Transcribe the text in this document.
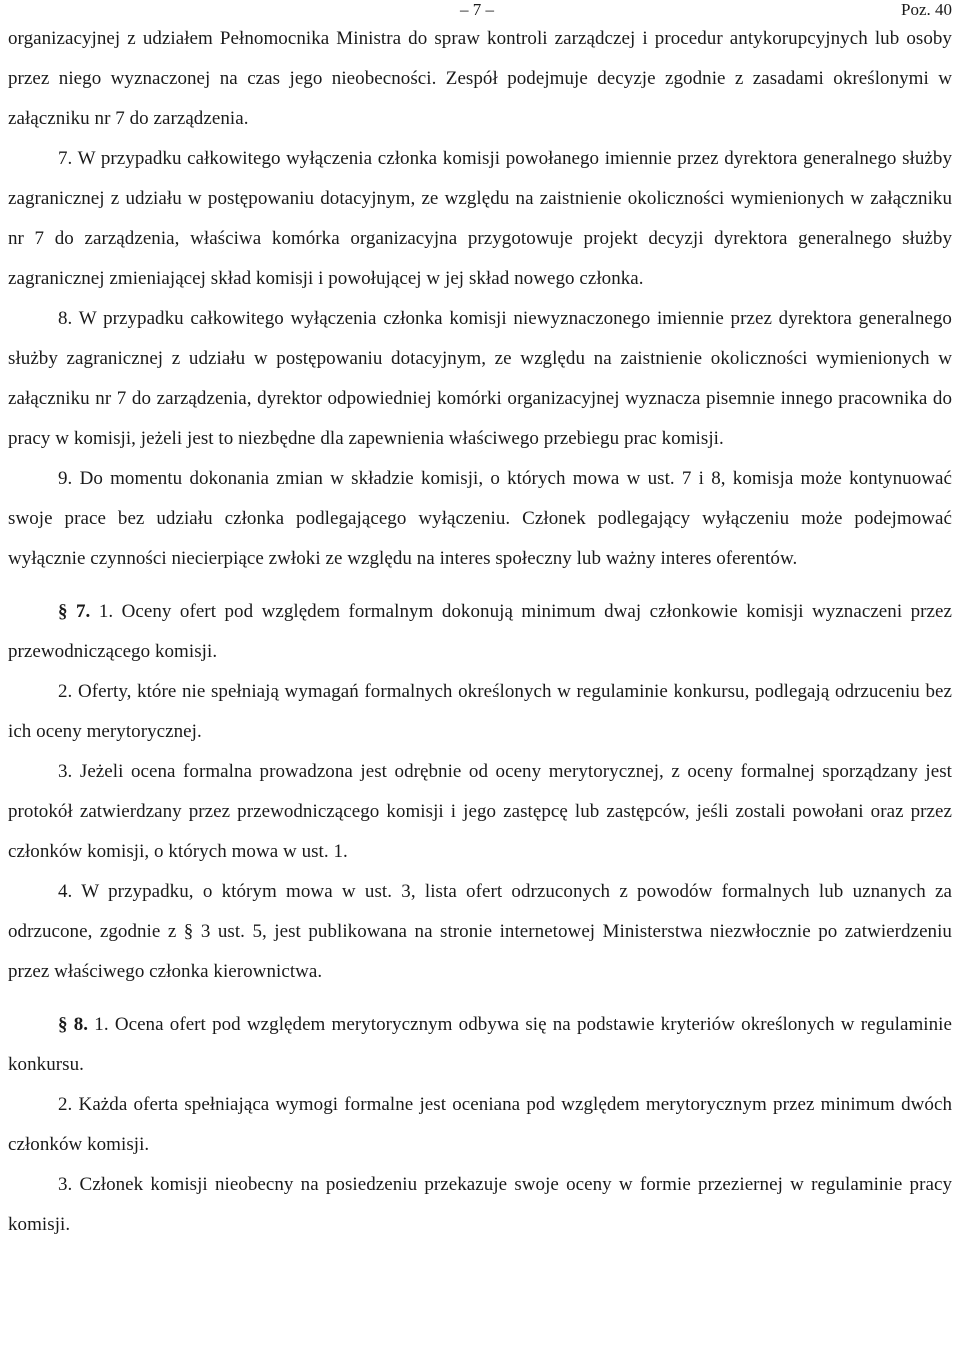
– 7 –	Poz. 40

organizacyjnej z udziałem Pełnomocnika Ministra do spraw kontroli zarządczej i procedur antykorupcyjnych lub osoby przez niego wyznaczonej na czas jego nieobecności. Zespół podejmuje decyzje zgodnie z zasadami określonymi w załączniku nr 7 do zarządzenia.

7. W przypadku całkowitego wyłączenia członka komisji powołanego imiennie przez dyrektora generalnego służby zagranicznej z udziału w postępowaniu dotacyjnym, ze względu na zaistnienie okoliczności wymienionych w załączniku nr 7 do zarządzenia, właściwa komórka organizacyjna przygotowuje projekt decyzji dyrektora generalnego służby zagranicznej zmieniającej skład komisji i powołującej w jej skład nowego członka.

8. W przypadku całkowitego wyłączenia członka komisji niewyznaczonego imiennie przez dyrektora generalnego służby zagranicznej z udziału w postępowaniu dotacyjnym, ze względu na zaistnienie okoliczności wymienionych w załączniku nr 7 do zarządzenia, dyrektor odpowiedniej komórki organizacyjnej wyznacza pisemnie innego pracownika do pracy w komisji, jeżeli jest to niezbędne dla zapewnienia właściwego przebiegu prac komisji.

9. Do momentu dokonania zmian w składzie komisji, o których mowa w ust. 7 i 8, komisja może kontynuować swoje prace bez udziału członka podlegającego wyłączeniu. Członek podlegający wyłączeniu może podejmować wyłącznie czynności niecierpiące zwłoki ze względu na interes społeczny lub ważny interes oferentów.

§ 7. 1. Oceny ofert pod względem formalnym dokonują minimum dwaj członkowie komisji wyznaczeni przez przewodniczącego komisji.

2. Oferty, które nie spełniają wymagań formalnych określonych w regulaminie konkursu, podlegają odrzuceniu bez ich oceny merytorycznej.

3. Jeżeli ocena formalna prowadzona jest odrębnie od oceny merytorycznej, z oceny formalnej sporządzany jest protokół zatwierdzany przez przewodniczącego komisji i jego zastępcę lub zastępców, jeśli zostali powołani oraz przez członków komisji, o których mowa w ust. 1.

4. W przypadku, o którym mowa w ust. 3, lista ofert odrzuconych z powodów formalnych lub uznanych za odrzucone, zgodnie z § 3 ust. 5, jest publikowana na stronie internetowej Ministerstwa niezwłocznie po zatwierdzeniu przez właściwego członka kierownictwa.

§ 8. 1. Ocena ofert pod względem merytorycznym odbywa się na podstawie kryteriów określonych w regulaminie konkursu.

2. Każda oferta spełniająca wymogi formalne jest oceniana pod względem merytorycznym przez minimum dwóch członków komisji.

3. Członek komisji nieobecny na posiedzeniu przekazuje swoje oceny w formie przeziernej w regulaminie pracy komisji.
